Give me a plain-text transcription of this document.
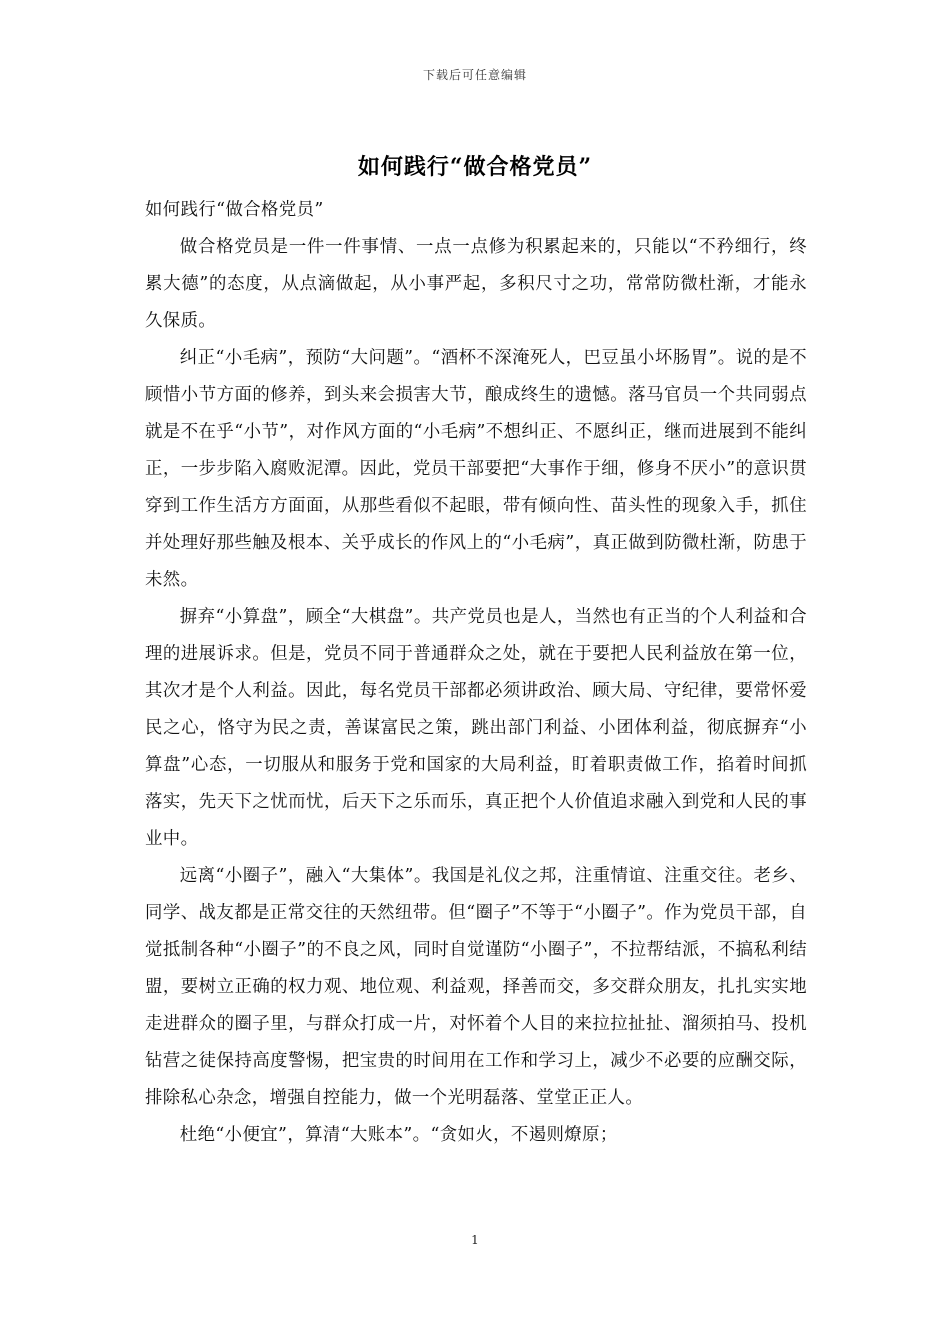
下载后可任意编辑
如何践行“做合格党员”

如何践行“做合格党员”

做合格党员是一件一件事情、一点一点修为积累起来的，只能以“不矜细行，终累大德”的态度，从点滴做起，从小事严起，多积尺寸之功，常常防微杜渐，才能永久保质。

纠正“小毛病”，预防“大问题”。“酒杯不深淹死人，巴豆虽小坏肠胃”。说的是不顾惜小节方面的修养，到头来会损害大节，酿成终生的遗憾。落马官员一个共同弱点就是不在乎“小节”，对作风方面的“小毛病”不想纠正、不愿纠正，继而进展到不能纠正，一步步陷入腐败泥潭。因此，党员干部要把“大事作于细，修身不厌小”的意识贯穿到工作生活方方面面，从那些看似不起眼，带有倾向性、苗头性的现象入手，抓住并处理好那些触及根本、关乎成长的作风上的“小毛病”，真正做到防微杜渐，防患于未然。

摒弃“小算盘”，顾全“大棋盘”。共产党员也是人，当然也有正当的个人利益和合理的进展诉求。但是，党员不同于普通群众之处，就在于要把人民利益放在第一位，其次才是个人利益。因此，每名党员干部都必须讲政治、顾大局、守纪律，要常怀爱民之心，恪守为民之责，善谋富民之策，跳出部门利益、小团体利益，彻底摒弃“小算盘”心态，一切服从和服务于党和国家的大局利益，盯着职责做工作，掐着时间抓落实，先天下之忧而忧，后天下之乐而乐，真正把个人价值追求融入到党和人民的事业中。

远离“小圈子”，融入“大集体”。我国是礼仪之邦，注重情谊、注重交往。老乡、同学、战友都是正常交往的天然纽带。但“圈子”不等于“小圈子”。作为党员干部，自觉抵制各种“小圈子”的不良之风，同时自觉谨防“小圈子”，不拉帮结派，不搞私利结盟，要树立正确的权力观、地位观、利益观，择善而交，多交群众朋友，扎扎实实地走进群众的圈子里，与群众打成一片，对怀着个人目的来拉拉扯扯、溜须拍马、投机钻营之徒保持高度警惕，把宝贵的时间用在工作和学习上，减少不必要的应酬交际，排除私心杂念，增强自控能力，做一个光明磊落、堂堂正正人。

杜绝“小便宜”，算清“大账本”。“贪如火，不遏则燎原；

1
